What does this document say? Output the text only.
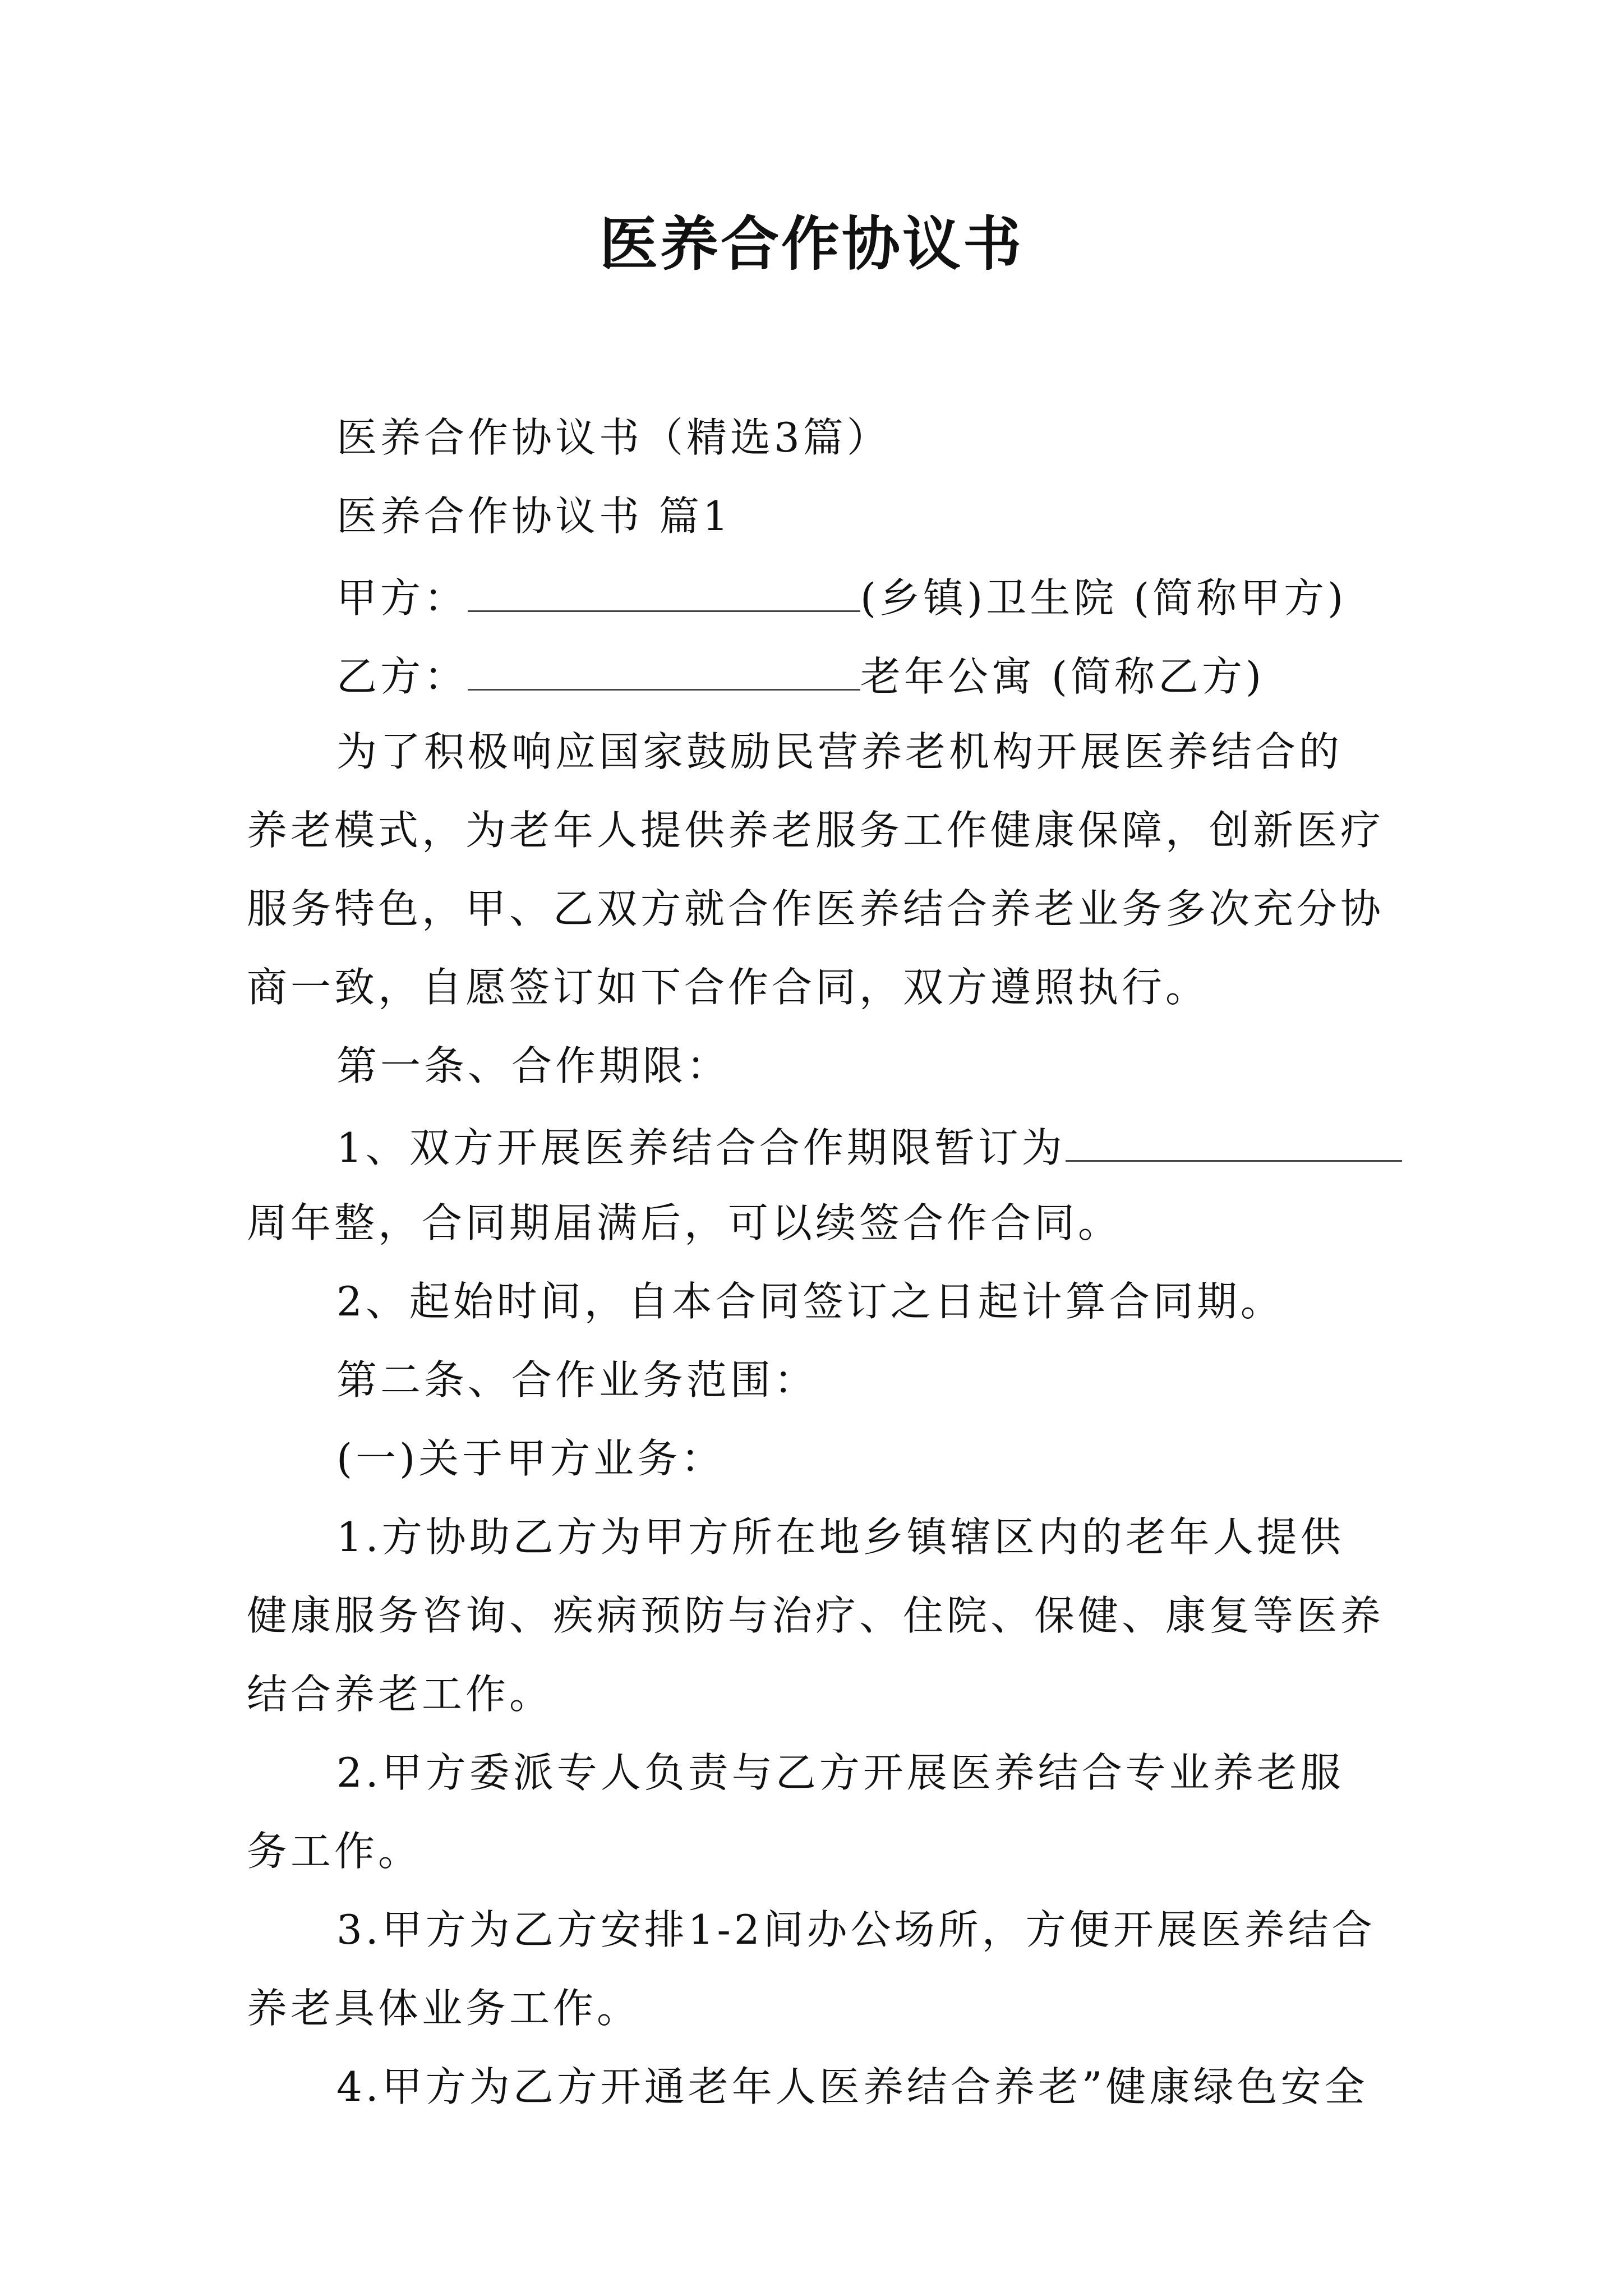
医养合作协议书
医养合作协议书（精选3篇）
医养合作协议书 篇1
甲方：	(乡镇)卫生院 (简称甲方)
乙方：	老年公寓 (简称乙方)
为了积极响应国家鼓励民营养老机构开展医养结合的
养老模式，为老年人提供养老服务工作健康保障，创新医疗
服务特色，甲、乙双方就合作医养结合养老业务多次充分协
商一致，自愿签订如下合作合同，双方遵照执行。
第一条、合作期限：
1、双方开展医养结合合作期限暂订为
周年整，合同期届满后，可以续签合作合同。
2、起始时间，自本合同签订之日起计算合同期。
第二条、合作业务范围：
(一)关于甲方业务：
1.方协助乙方为甲方所在地乡镇辖区内的老年人提供
健康服务咨询、疾病预防与治疗、住院、保健、康复等医养
结合养老工作。
2.甲方委派专人负责与乙方开展医养结合专业养老服
务工作。
3.甲方为乙方安排1-2间办公场所，方便开展医养结合
养老具体业务工作。
4.甲方为乙方开通老年人医养结合养老”健康绿色安全
